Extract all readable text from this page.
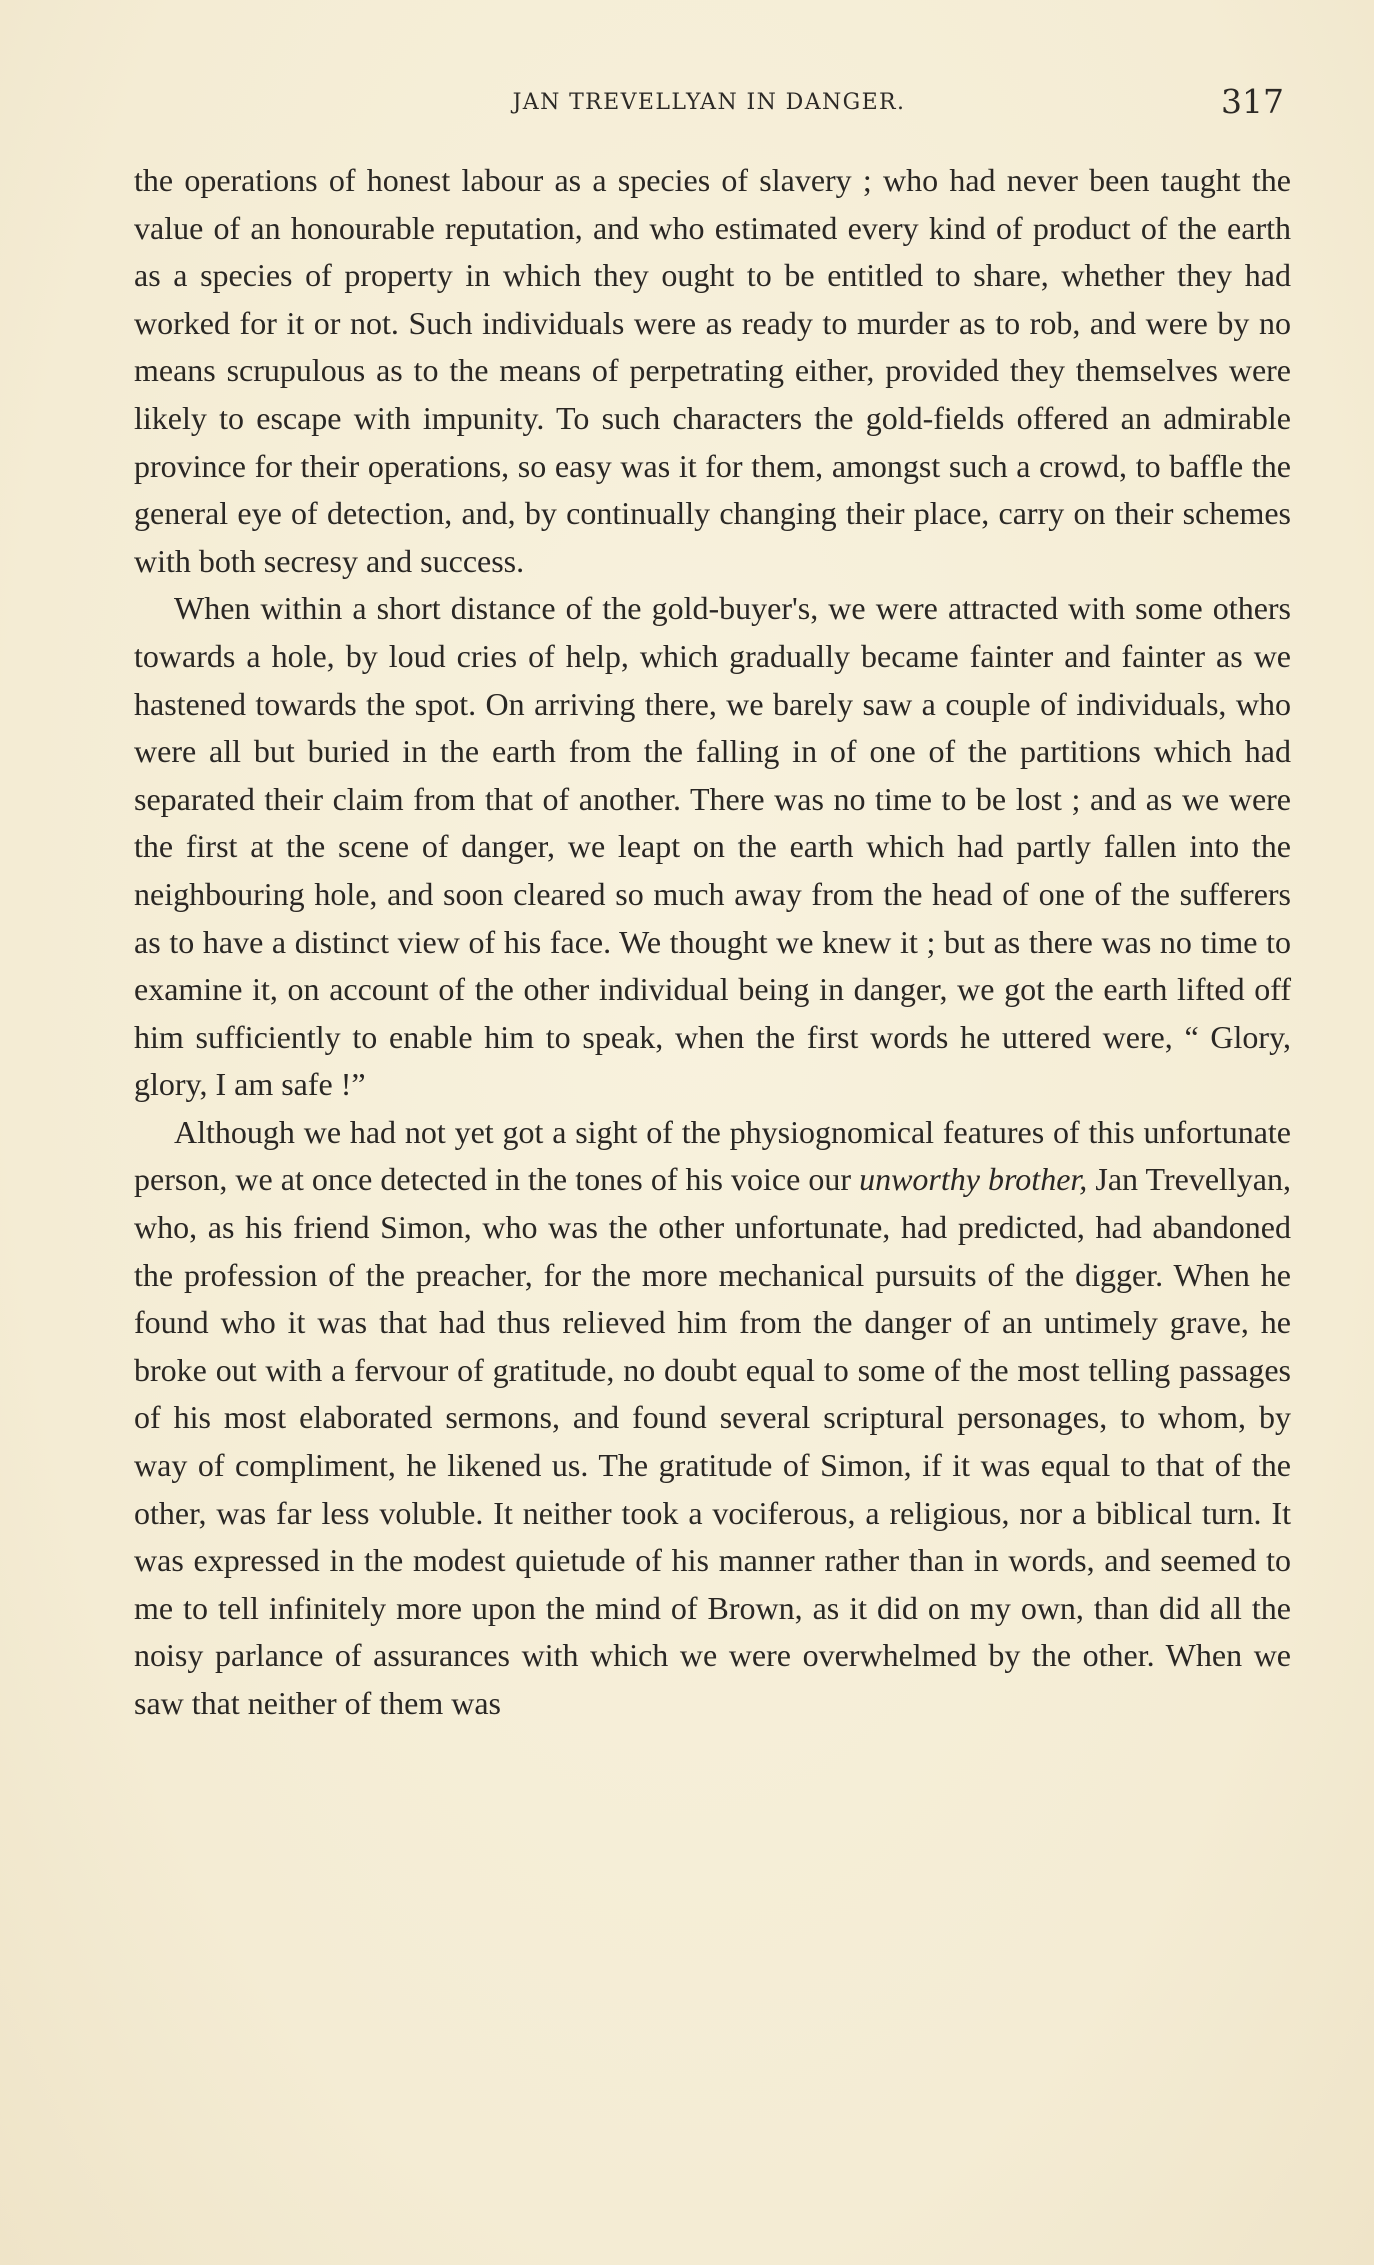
JAN TREVELLYAN IN DANGER.	317

the operations of honest labour as a species of slavery ; who had never been taught the value of an honourable reputation, and who estimated every kind of product of the earth as a species of property in which they ought to be entitled to share, whether they had worked for it or not. Such individuals were as ready to murder as to rob, and were by no means scrupulous as to the means of perpetrating either, provided they themselves were likely to escape with impunity. To such characters the gold-fields offered an admirable province for their operations, so easy was it for them, amongst such a crowd, to baffle the general eye of detection, and, by continually changing their place, carry on their schemes with both secresy and success.

When within a short distance of the gold-buyer's, we were attracted with some others towards a hole, by loud cries of help, which gradually became fainter and fainter as we hastened towards the spot. On arriving there, we barely saw a couple of individuals, who were all but buried in the earth from the falling in of one of the partitions which had separated their claim from that of another. There was no time to be lost ; and as we were the first at the scene of danger, we leapt on the earth which had partly fallen into the neighbouring hole, and soon cleared so much away from the head of one of the sufferers as to have a distinct view of his face. We thought we knew it ; but as there was no time to examine it, on account of the other individual being in danger, we got the earth lifted off him sufficiently to enable him to speak, when the first words he uttered were, “ Glory, glory, I am safe !”

Although we had not yet got a sight of the physiognomical features of this unfortunate person, we at once detected in the tones of his voice our unworthy brother, Jan Trevellyan, who, as his friend Simon, who was the other unfortunate, had predicted, had abandoned the profession of the preacher, for the more mechanical pursuits of the digger. When he found who it was that had thus relieved him from the danger of an untimely grave, he broke out with a fervour of gratitude, no doubt equal to some of the most telling passages of his most elaborated sermons, and found several scriptural personages, to whom, by way of compliment, he likened us. The gratitude of Simon, if it was equal to that of the other, was far less voluble. It neither took a vociferous, a religious, nor a biblical turn. It was expressed in the modest quietude of his manner rather than in words, and seemed to me to tell infinitely more upon the mind of Brown, as it did on my own, than did all the noisy parlance of assurances with which we were overwhelmed by the other. When we saw that neither of them was
